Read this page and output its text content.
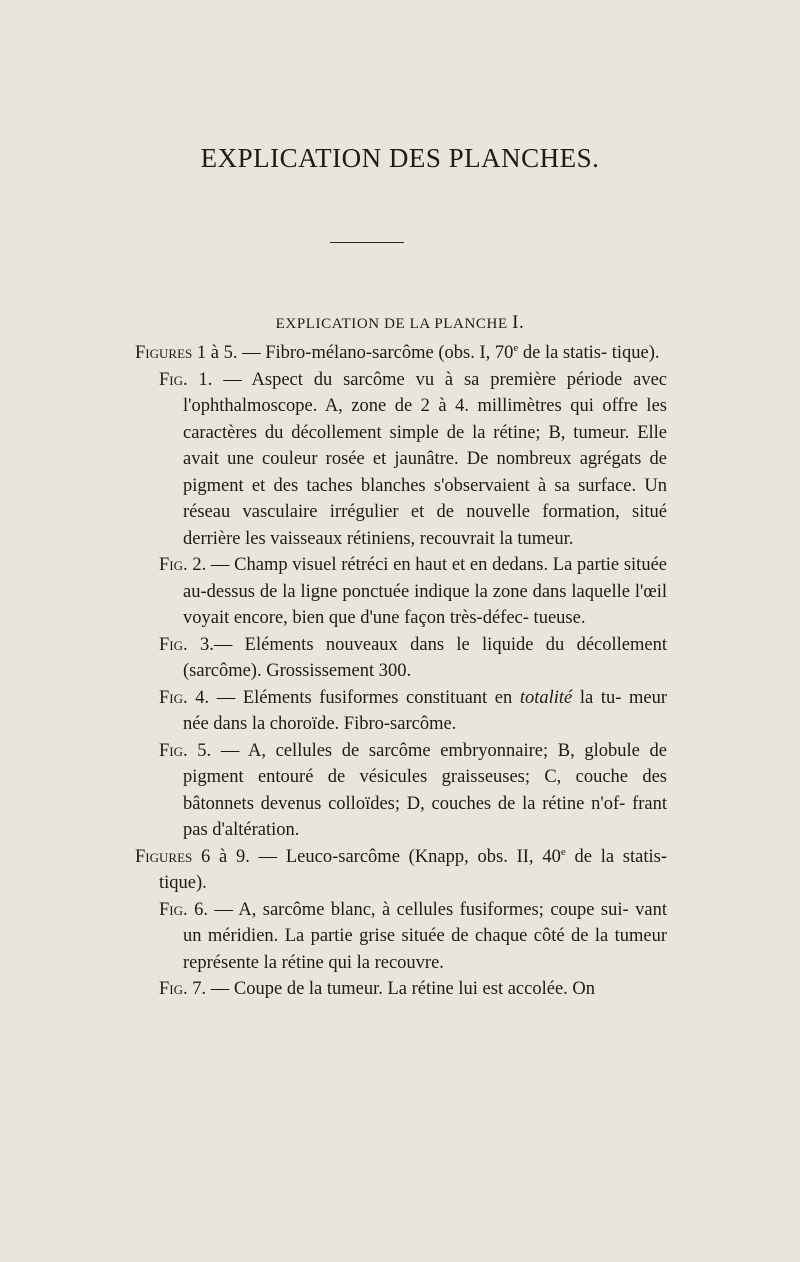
EXPLICATION DES PLANCHES.
EXPLICATION DE LA PLANCHE I.

Figures 1 à 5. — Fibro-mélano-sarcôme (obs. I, 70e de la statis- tique).

Fig. 1. — Aspect du sarcôme vu à sa première période avec l'ophthalmoscope. A, zone de 2 à 4. millimètres qui offre les caractères du décollement simple de la rétine; B, tumeur. Elle avait une couleur rosée et jaunâtre. De nombreux agrégats de pigment et des taches blanches s'observaient à sa surface. Un réseau vasculaire irrégulier et de nouvelle formation, situé derrière les vaisseaux rétiniens, recouvrait la tumeur.

Fig. 2. — Champ visuel rétréci en haut et en dedans. La partie située au-dessus de la ligne ponctuée indique la zone dans laquelle l'œil voyait encore, bien que d'une façon très-défec- tueuse.

Fig. 3.— Eléments nouveaux dans le liquide du décollement (sarcôme). Grossissement 300.

Fig. 4. — Eléments fusiformes constituant en totalité la tu- meur née dans la choroïde. Fibro-sarcôme.

Fig. 5. — A, cellules de sarcôme embryonnaire; B, globule de pigment entouré de vésicules graisseuses; C, couche des bâtonnets devenus colloïdes; D, couches de la rétine n'of- frant pas d'altération.

Figures 6 à 9. — Leuco-sarcôme (Knapp, obs. II, 40e de la statis- tique).

Fig. 6. — A, sarcôme blanc, à cellules fusiformes; coupe sui- vant un méridien. La partie grise située de chaque côté de la tumeur représente la rétine qui la recouvre.

Fig. 7. — Coupe de la tumeur. La rétine lui est accolée. On
